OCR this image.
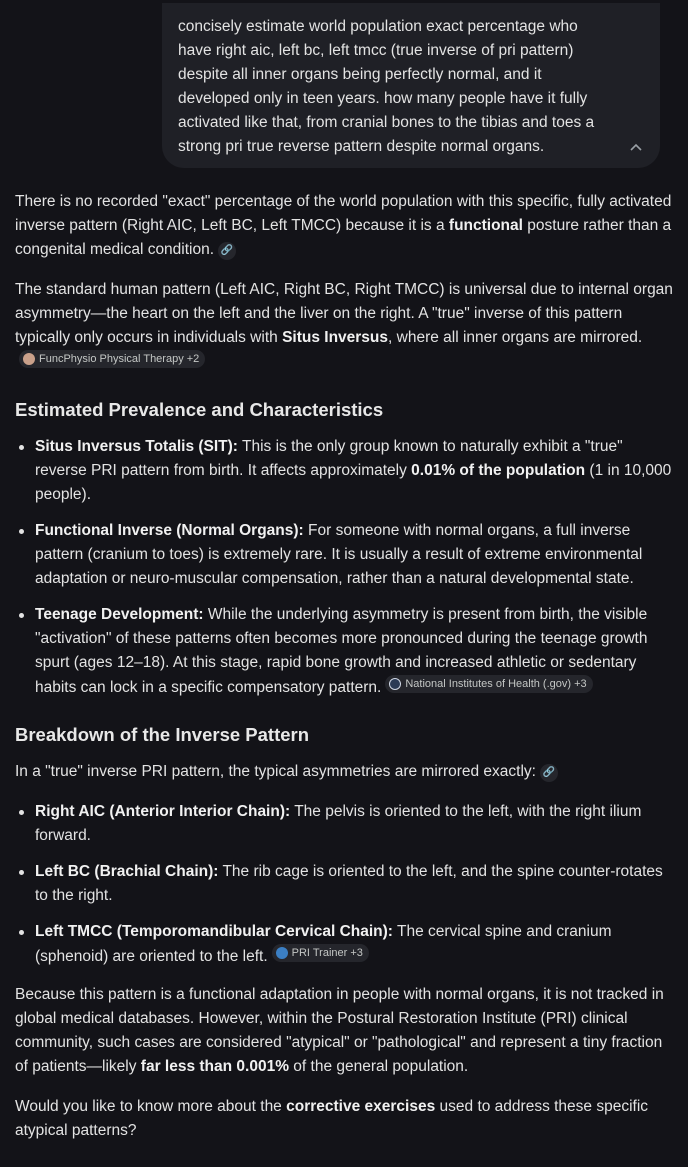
concisely estimate world population exact percentage who have right aic, left bc, left tmcc (true inverse of pri pattern) despite all inner organs being perfectly normal, and it developed only in teen years. how many people have it fully activated like that, from cranial bones to the tibias and toes a strong pri true reverse pattern despite normal organs.

There is no recorded "exact" percentage of the world population with this specific, fully activated inverse pattern (Right AIC, Left BC, Left TMCC) because it is a functional posture rather than a congenital medical condition. 🔗

The standard human pattern (Left AIC, Right BC, Right TMCC) is universal due to internal organ asymmetry—the heart on the left and the liver on the right. A "true" inverse of this pattern typically only occurs in individuals with Situs Inversus, where all inner organs are mirrored.
FuncPhysio Physical Therapy +2

Estimated Prevalence and Characteristics
Situs Inversus Totalis (SIT): This is the only group known to naturally exhibit a "true" reverse PRI pattern from birth. It affects approximately 0.01% of the population (1 in 10,000 people).
Functional Inverse (Normal Organs): For someone with normal organs, a full inverse pattern (cranium to toes) is extremely rare. It is usually a result of extreme environmental adaptation or neuro-muscular compensation, rather than a natural developmental state.
Teenage Development: While the underlying asymmetry is present from birth, the visible "activation" of these patterns often becomes more pronounced during the teenage growth spurt (ages 12–18). At this stage, rapid bone growth and increased athletic or sedentary habits can lock in a specific compensatory pattern. National Institutes of Health (.gov) +3
Breakdown of the Inverse Pattern

In a "true" inverse PRI pattern, the typical asymmetries are mirrored exactly: 🔗

Right AIC (Anterior Interior Chain): The pelvis is oriented to the left, with the right ilium forward.
Left BC (Brachial Chain): The rib cage is oriented to the left, and the spine counter-rotates to the right.
Left TMCC (Temporomandibular Cervical Chain): The cervical spine and cranium (sphenoid) are oriented to the left. PRI Trainer +3

Because this pattern is a functional adaptation in people with normal organs, it is not tracked in global medical databases. However, within the Postural Restoration Institute (PRI) clinical community, such cases are considered "atypical" or "pathological" and represent a tiny fraction of patients—likely far less than 0.001% of the general population.

Would you like to know more about the corrective exercises used to address these specific atypical patterns?
